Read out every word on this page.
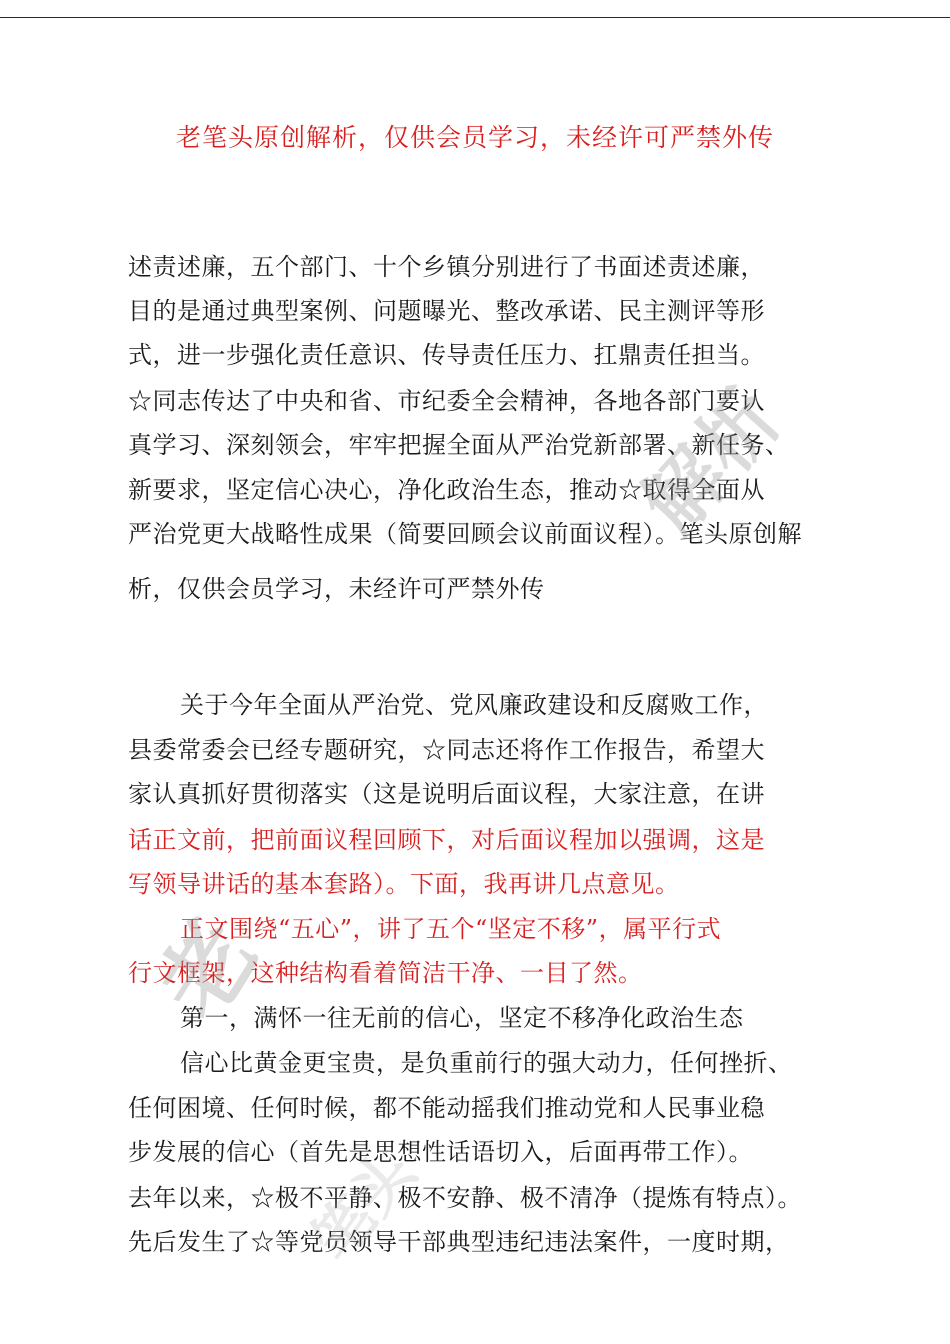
老笔头原创解析，仅供会员学习，未经许可严禁外传
述责述廉，五个部门、十个乡镇分别进行了书面述责述廉，
目的是通过典型案例、问题曝光、整改承诺、民主测评等形
式，进一步强化责任意识、传导责任压力、扛鼎责任担当。
☆同志传达了中央和省、市纪委全会精神，各地各部门要认
真学习、深刻领会，牢牢把握全面从严治党新部署、新任务、
新要求，坚定信心决心，净化政治生态，推动☆取得全面从
严治党更大战略性成果（简要回顾会议前面议程）。笔头原创解
析，仅供会员学习，未经许可严禁外传
关于今年全面从严治党、党风廉政建设和反腐败工作，
县委常委会已经专题研究，☆同志还将作工作报告，希望大
家认真抓好贯彻落实（这是说明后面议程，大家注意，在讲
话正文前，把前面议程回顾下，对后面议程加以强调，这是
写领导讲话的基本套路）。下面，我再讲几点意见。
正文围绕“五心”，讲了五个“坚定不移”，属平行式
行文框架，这种结构看着简洁干净、一目了然。
第一，满怀一往无前的信心，坚定不移净化政治生态
信心比黄金更宝贵，是负重前行的强大动力，任何挫折、
任何困境、任何时候，都不能动摇我们推动党和人民事业稳
步发展的信心（首先是思想性话语切入，后面再带工作）。
去年以来，☆极不平静、极不安静、极不清净（提炼有特点）。
先后发生了☆等党员领导干部典型违纪违法案件，一度时期，
解析
老
笔头
